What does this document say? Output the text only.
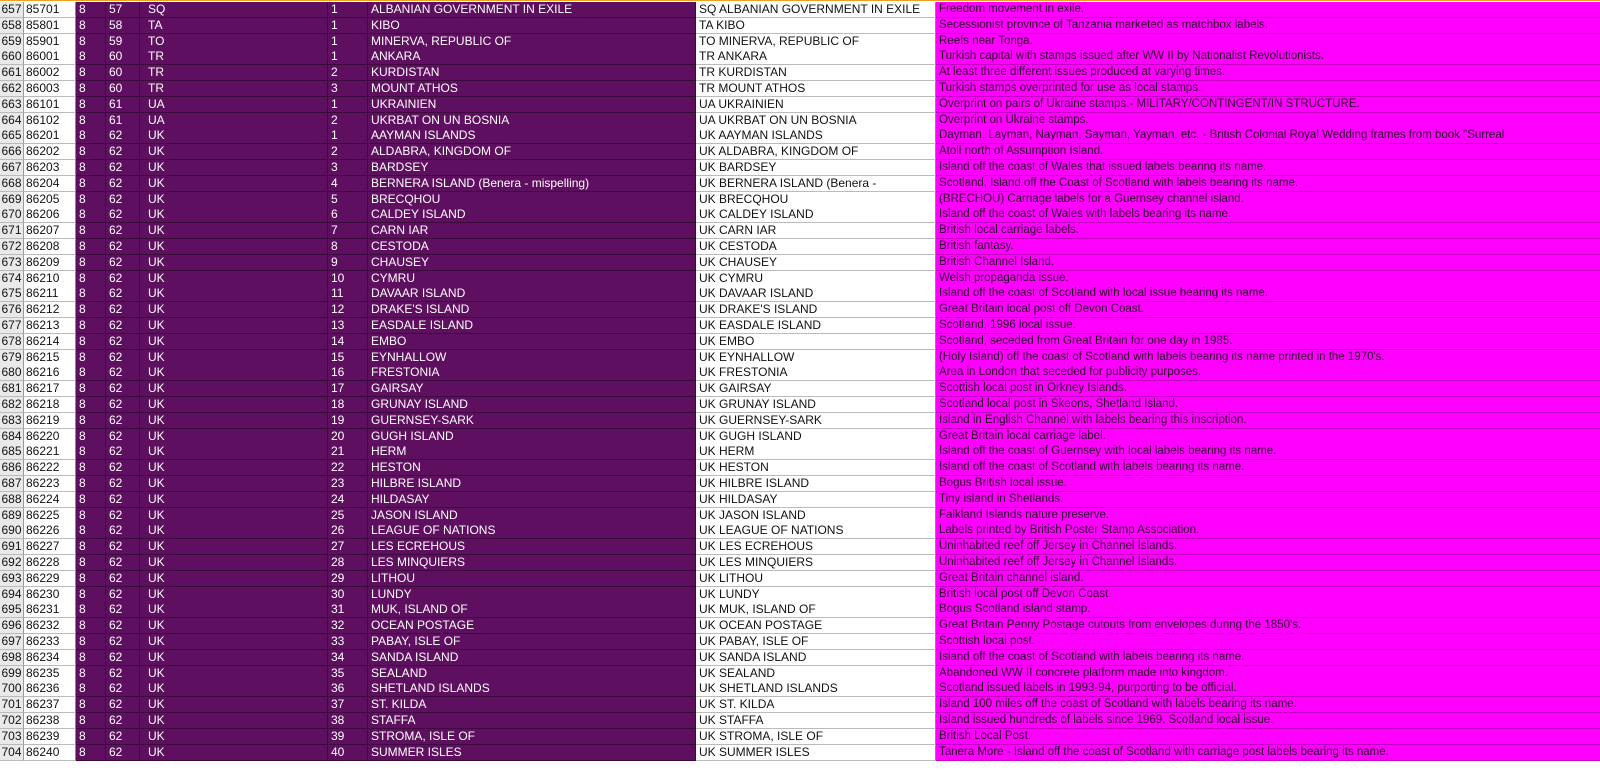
657 85701	8	57	SQ	1	ALBANIAN GOVERNMENT IN EXILE	SQ ALBANIAN GOVERNMENT IN EXILE	Freedom movement in exile.
658 85801	8	58	TA	1	KIBO	TA KIBO	Secessionist province of Tanzania marketed as matchbox labels.
659 85901	8	59	TO	1	MINERVA, REPUBLIC OF	TO MINERVA, REPUBLIC OF	Reefs near Tonga.
660 86001	8	60	TR	1	ANKARA	TR ANKARA	Turkish capital with stamps issued after WW II by Nationalist Revolutionists.
661 86002	8	60	TR	2	KURDISTAN	TR KURDISTAN	At least three different issues produced at varying times.
662 86003	8	60	TR	3	MOUNT ATHOS	TR MOUNT ATHOS	Turkish stamps overprinted for use as local stamps.
663 86101	8	61	UA	1	UKRAINIEN	UA UKRAINIEN	Overprint on pairs of Ukraine stamps.- MILITARY/CONTINGENT/IN STRUCTURE.
664 86102	8	61	UA	2	UKRBAT ON UN BOSNIA	UA UKRBAT ON UN BOSNIA	Overprint on Ukraine stamps.
665 86201	8	62	UK	1	AAYMAN ISLANDS	UK AAYMAN ISLANDS	Dayman, Layman, Nayman, Sayman, Yayman, etc. - British Colonial Royal Wedding frames from book "Surreal
666 86202	8	62	UK	2	ALDABRA, KINGDOM OF	UK ALDABRA, KINGDOM OF	Atoll north of Assumption Island.
667 86203	8	62	UK	3	BARDSEY	UK BARDSEY	Island off the coast of Wales that issued labels bearing its name.
668 86204	8	62	UK	4	BERNERA ISLAND (Benera - mispelling)	UK BERNERA ISLAND (Benera -	Scotland, Island off the Coast of Scotland with labels bearing its name.
669 86205	8	62	UK	5	BRECQHOU	UK BRECQHOU	(BRECHOU) Carriage labels for a Guernsey channel island.
670 86206	8	62	UK	6	CALDEY ISLAND	UK CALDEY ISLAND	Island off the coast of Wales with labels bearing its name.
671 86207	8	62	UK	7	CARN IAR	UK CARN IAR	British local carriage labels.
672 86208	8	62	UK	8	CESTODA	UK CESTODA	British fantasy.
673 86209	8	62	UK	9	CHAUSEY	UK CHAUSEY	British Channel Island.
674 86210	8	62	UK	10	CYMRU	UK CYMRU	Welsh propaganda issue.
675 86211	8	62	UK	11	DAVAAR ISLAND	UK DAVAAR ISLAND	Island off the coast of Scotland with local issue bearing its name.
676 86212	8	62	UK	12	DRAKE'S ISLAND	UK DRAKE'S ISLAND	Great Britain local post off Devon Coast.
677 86213	8	62	UK	13	EASDALE ISLAND	UK EASDALE ISLAND	Scotland, 1996 local issue.
678 86214	8	62	UK	14	EMBO	UK EMBO	Scotland, seceded from Great Britain for one day in 1985.
679 86215	8	62	UK	15	EYNHALLOW	UK EYNHALLOW	(Holy Island) off the coast of Scotland with labels bearing its name printed in the 1970's.
680 86216	8	62	UK	16	FRESTONIA	UK FRESTONIA	Area in London that seceded for publicity purposes.
681 86217	8	62	UK	17	GAIRSAY	UK GAIRSAY	Scottish local post in Orkney Islands.
682 86218	8	62	UK	18	GRUNAY ISLAND	UK GRUNAY ISLAND	Scotland local post in Skeons, Shetland Island.
683 86219	8	62	UK	19	GUERNSEY-SARK	UK GUERNSEY-SARK	Island in English Channel with labels bearing this inscription.
684 86220	8	62	UK	20	GUGH ISLAND	UK GUGH ISLAND	Great Britain local carriage label.
685 86221	8	62	UK	21	HERM	UK HERM	Island off the coast of Guernsey with local labels bearing its name.
686 86222	8	62	UK	22	HESTON	UK HESTON	Island off the coast of Scotland with labels bearing its name.
687 86223	8	62	UK	23	HILBRE ISLAND	UK HILBRE ISLAND	Bogus British local issue.
688 86224	8	62	UK	24	HILDASAY	UK HILDASAY	Tiny island in Shetlands.
689 86225	8	62	UK	25	JASON ISLAND	UK JASON ISLAND	Falkland Islands nature preserve.
690 86226	8	62	UK	26	LEAGUE OF NATIONS	UK LEAGUE OF NATIONS	Labels printed by British Poster Stamp Association.
691 86227	8	62	UK	27	LES ECREHOUS	UK LES ECREHOUS	Uninhabited reef off Jersey in Channel Islands.
692 86228	8	62	UK	28	LES MINQUIERS	UK LES MINQUIERS	Uninhabited reef off Jersey in Channel Islands.
693 86229	8	62	UK	29	LITHOU	UK LITHOU	Great Britain channel island.
694 86230	8	62	UK	30	LUNDY	UK LUNDY	British local post off Devon Coast.
695 86231	8	62	UK	31	MUK, ISLAND OF	UK MUK, ISLAND OF	Bogus Scotland island stamp.
696 86232	8	62	UK	32	OCEAN POSTAGE	UK OCEAN POSTAGE	Great Britain Penny Postage cutouts from envelopes during the 1850's.
697 86233	8	62	UK	33	PABAY, ISLE OF	UK PABAY, ISLE OF	Scottish local post.
698 86234	8	62	UK	34	SANDA ISLAND	UK SANDA ISLAND	Island off the coast of Scotland with labels bearing its name.
699 86235	8	62	UK	35	SEALAND	UK SEALAND	Abandoned WW II concrete platform made into kingdom.
700 86236	8	62	UK	36	SHETLAND ISLANDS	UK SHETLAND ISLANDS	Scotland issued labels in 1993-94, purporting to be official.
701 86237	8	62	UK	37	ST. KILDA	UK ST. KILDA	Island 100 miles off the coast of Scotland with labels bearing its name.
702 86238	8	62	UK	38	STAFFA	UK STAFFA	Island issued hundreds of labels since 1969. Scotland local issue.
703 86239	8	62	UK	39	STROMA, ISLE OF	UK STROMA, ISLE OF	British Local Post.
704 86240	8	62	UK	40	SUMMER ISLES	UK SUMMER ISLES	Tanera More - Island off the coast of Scotland with carriage post labels bearing its name.
